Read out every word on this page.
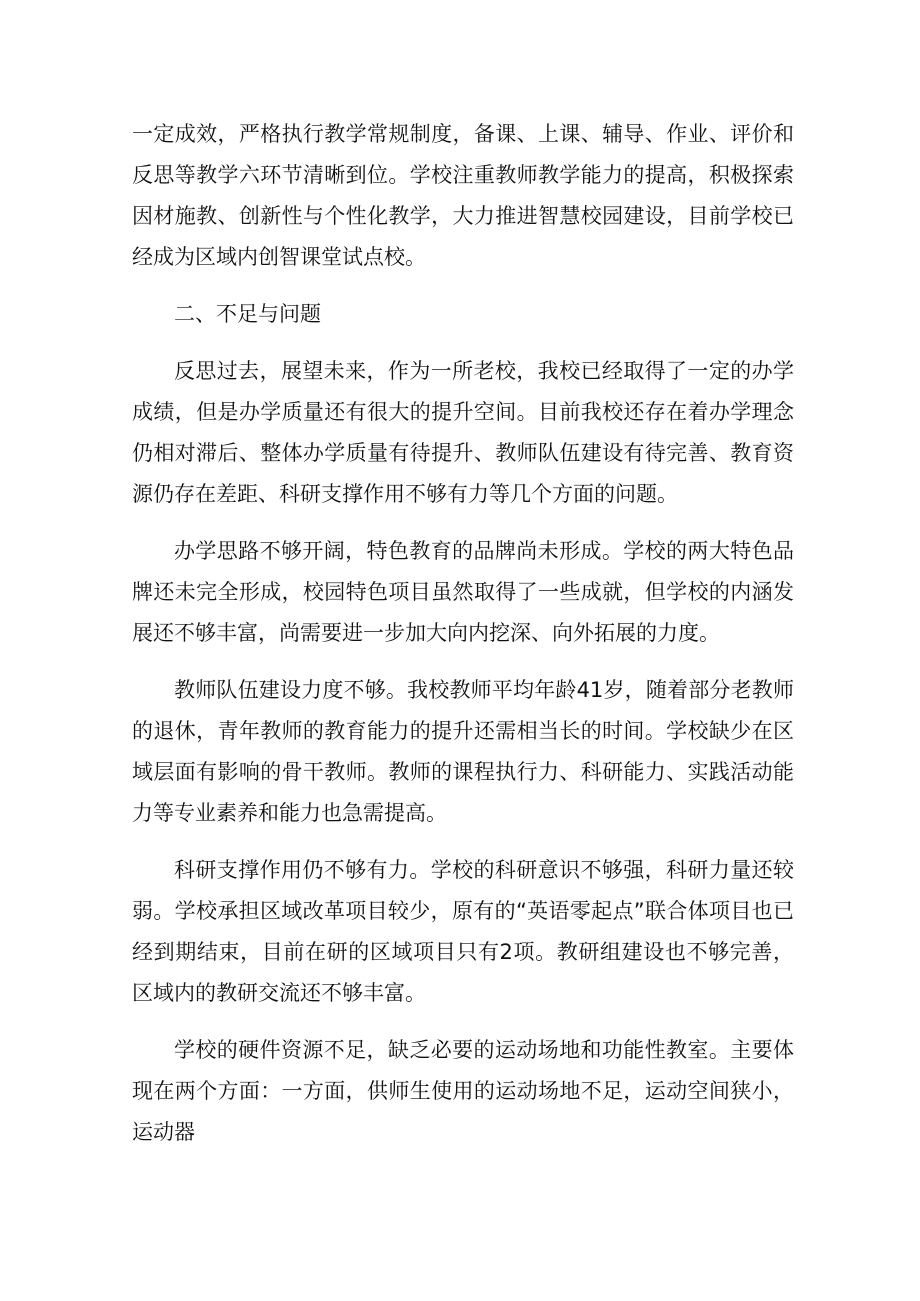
一定成效，严格执行教学常规制度，备课、上课、辅导、作业、评价和反思等教学六环节清晰到位。学校注重教师教学能力的提高，积极探索因材施教、创新性与个性化教学，大力推进智慧校园建设，目前学校已经成为区域内创智课堂试点校。

二、不足与问题

反思过去，展望未来，作为一所老校，我校已经取得了一定的办学成绩，但是办学质量还有很大的提升空间。目前我校还存在着办学理念仍相对滞后、整体办学质量有待提升、教师队伍建设有待完善、教育资源仍存在差距、科研支撑作用不够有力等几个方面的问题。

办学思路不够开阔，特色教育的品牌尚未形成。学校的两大特色品牌还未完全形成，校园特色项目虽然取得了一些成就，但学校的内涵发展还不够丰富，尚需要进一步加大向内挖深、向外拓展的力度。

教师队伍建设力度不够。我校教师平均年龄41岁，随着部分老教师的退休，青年教师的教育能力的提升还需相当长的时间。学校缺少在区域层面有影响的骨干教师。教师的课程执行力、科研能力、实践活动能力等专业素养和能力也急需提高。

科研支撑作用仍不够有力。学校的科研意识不够强，科研力量还较弱。学校承担区域改革项目较少，原有的“英语零起点”联合体项目也已经到期结束，目前在研的区域项目只有2项。教研组建设也不够完善，区域内的教研交流还不够丰富。

学校的硬件资源不足，缺乏必要的运动场地和功能性教室。主要体现在两个方面：一方面，供师生使用的运动场地不足，运动空间狭小，运动器
